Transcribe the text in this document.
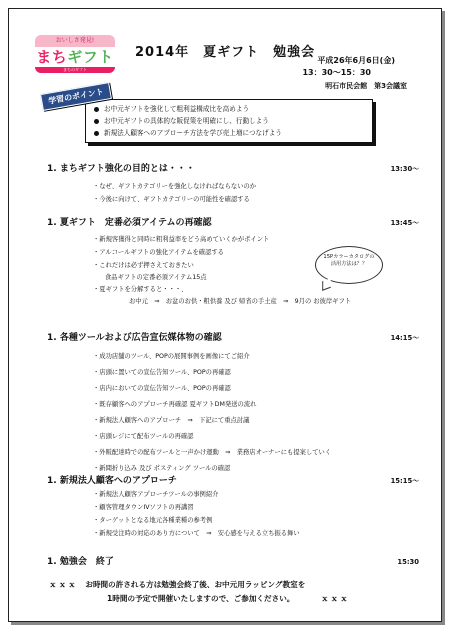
おいしさ発見!
まちギフト
まちのギフト
2014年　夏ギフト　勉強会
平成26年6月6日(金)
13：30～15：30
明石市民会館　第3会議室
学習のポイント
お中元ギフトを強化して粗利益構成比を高めよう
お中元ギフトの具体的な販促策を明確にし、行動しよう
新規法人顧客へのアプローチ方法を学び売上増につなげよう
1. まちギフト強化の目的とは・・・	13:30～
・なぜ、ギフトカテゴリーを強化しなければならないのか
・今後に向けて、ギフトカテゴリーの可能性を確認する
1. 夏ギフト　定番必須アイテムの再確認	13:45～
・新規客獲得と同時に粗利益率をどう高めていくかがポイント
・アルコールギフトの強化アイテムを確認する
・これだけは必ず押さえておきたい
食品ギフトの定番必須アイテム15点
・夏ギフトを分解すると・・・、
お中元　⇒　お盆のお供・粗供養 及び 帰省の手土産　⇒　9月の お彼岸ギフト
15Pカラーカタログの活用方法は？？
1. 各種ツールおよび広告宣伝媒体物の確認	14:15～
・成功店舗のツール、POPの展開事例を画像にてご紹介
・店頭に置いての宣伝告知ツール、POPの再確認
・店内においての宣伝告知ツール、POPの再確認
・既存顧客へのアプローチ再確認 夏ギフトDM発送の流れ
・新規法人顧客へのアプローチ　⇒　下記にて重点討議
・店頭レジにて配布ツールの再確認
・外販配達時での配布ツールと一声かけ運動　⇒　業務店オーナーにも提案していく
・新聞折り込み 及び ポスティング ツールの確認
1. 新規法人顧客へのアプローチ	15:15～
・新規法人顧客アプローチツールの事例紹介
・顧客管理タウンIVソフトの再講習
・ターゲットとなる地元各種業種の参考例
・新規受注時の対応のあり方について　⇒　安心感を与える立ち振る舞い
1. 勉強会　終了	15:30
ｘｘｘ　 お時間の許される方は勉強会終了後、お中元用ラッピング教室を
1時間の予定で開催いたしますので、ご参加ください。　　　　	ｘｘｘ
